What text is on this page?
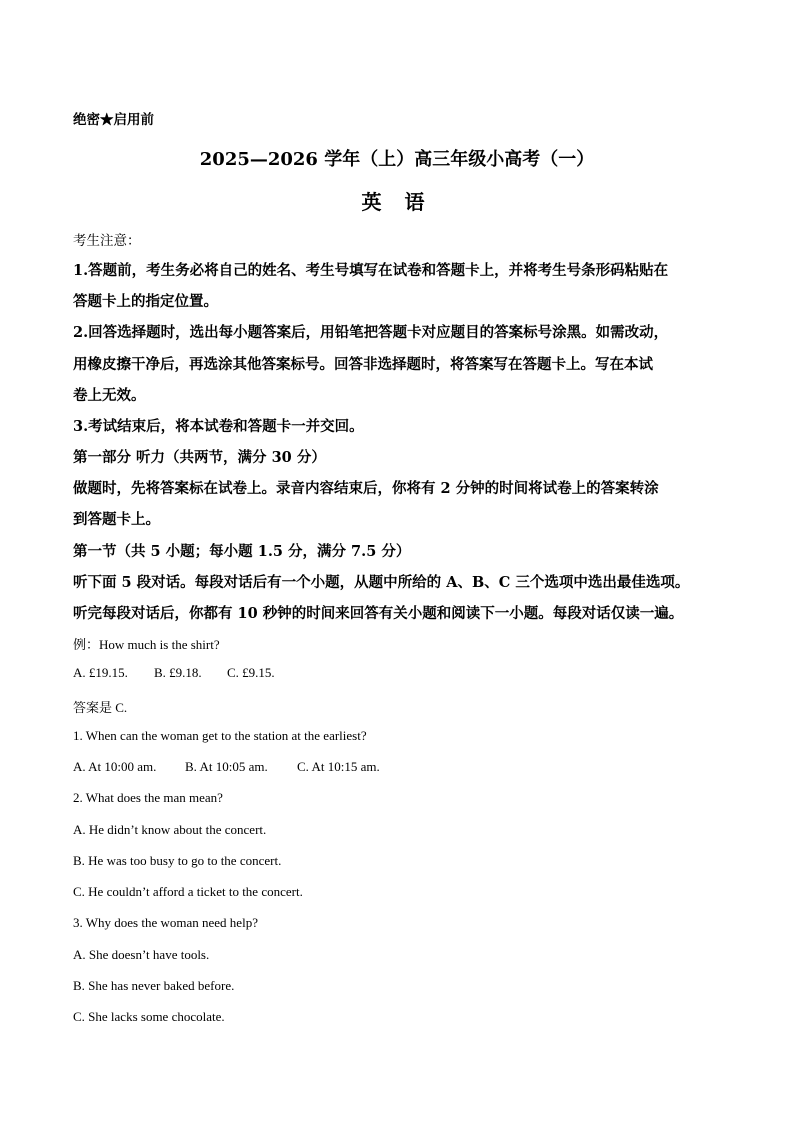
绝密★启用前
2025—2026 学年（上）高三年级小高考（一）
英 语
考生注意：
1.答题前，考生务必将自己的姓名、考生号填写在试卷和答题卡上，并将考生号条形码粘贴在
答题卡上的指定位置。
2.回答选择题时，选出每小题答案后，用铅笔把答题卡对应题目的答案标号涂黑。如需改动，
用橡皮擦干净后，再选涂其他答案标号。回答非选择题时，将答案写在答题卡上。写在本试
卷上无效。
3.考试结束后，将本试卷和答题卡一并交回。
第一部分 听力（共两节，满分 30 分）
做题时，先将答案标在试卷上。录音内容结束后，你将有 2 分钟的时间将试卷上的答案转涂
到答题卡上。
第一节（共 5 小题；每小题 1.5 分，满分 7.5 分）
听下面 5 段对话。每段对话后有一个小题，从题中所给的 A、B、C 三个选项中选出最佳选项。
听完每段对话后，你都有 10 秒钟的时间来回答有关小题和阅读下一小题。每段对话仅读一遍。
例：How much is the shirt?
A. £19.15. B. £9.18. C. £9.15.
答案是 C.
1. When can the woman get to the station at the earliest?
A. At 10:00 am. B. At 10:05 am. C. At 10:15 am.
2. What does the man mean?
A. He didn’t know about the concert.
B. He was too busy to go to the concert.
C. He couldn’t afford a ticket to the concert.
3. Why does the woman need help?
A. She doesn’t have tools.
B. She has never baked before.
C. She lacks some chocolate.
